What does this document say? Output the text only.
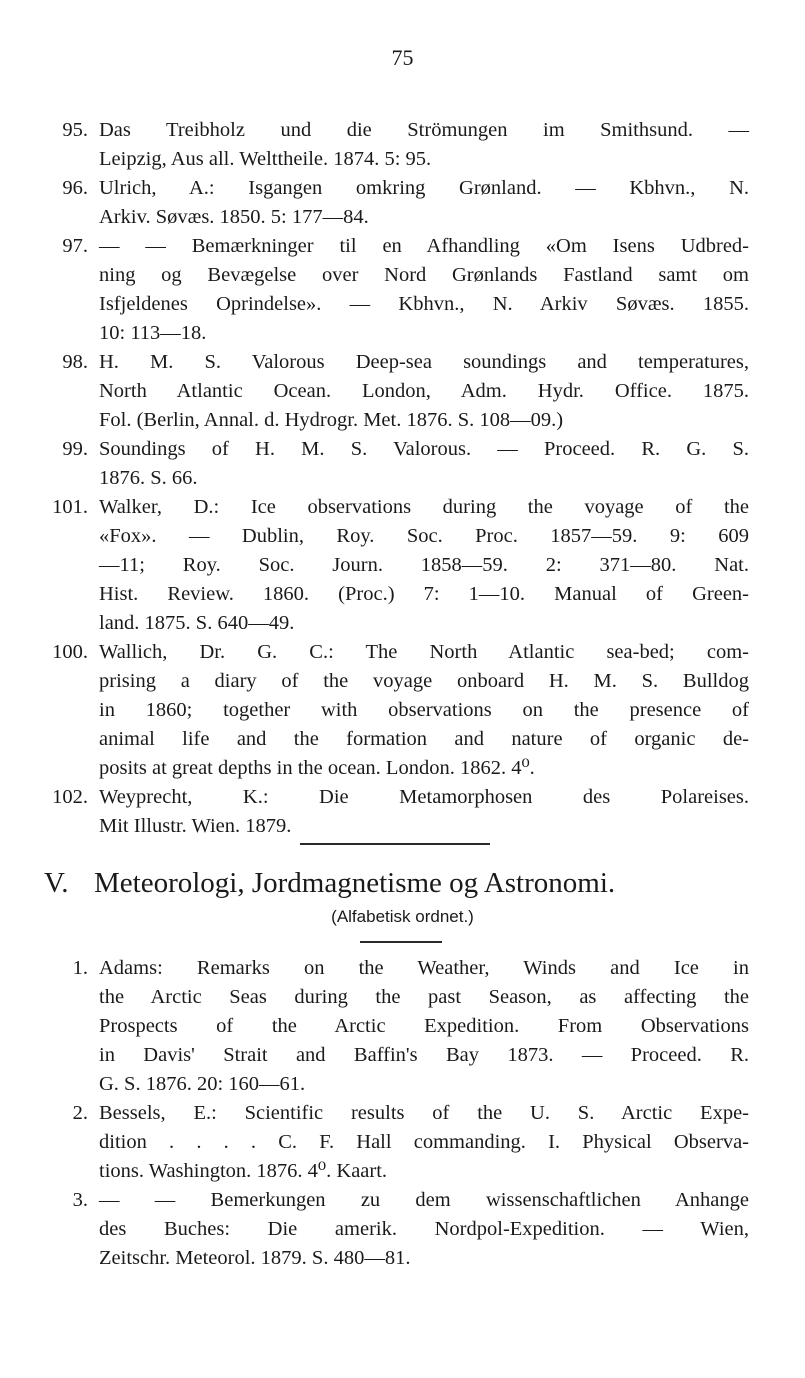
75
95. Das Treibholz und die Strömungen im Smithsund. —
Leipzig, Aus all. Welttheile. 1874. 5: 95.
96. Ulrich, A.: Isgangen omkring Grønland. — Kbhvn., N.
Arkiv. Søvæs. 1850. 5: 177—84.
97. — — Bemærkninger til en Afhandling «Om Isens Udbred-
ning og Bevægelse over Nord Grønlands Fastland samt om
Isfjeldenes Oprindelse». — Kbhvn., N. Arkiv Søvæs. 1855.
10: 113—18.
98. H. M. S. Valorous Deep-sea soundings and temperatures,
North Atlantic Ocean. London, Adm. Hydr. Office. 1875.
Fol. (Berlin, Annal. d. Hydrogr. Met. 1876. S. 108—09.)
99. Soundings of H. M. S. Valorous. — Proceed. R. G. S.
1876. S. 66.
101. Walker, D.: Ice observations during the voyage of the
«Fox». — Dublin, Roy. Soc. Proc. 1857—59. 9: 609
—11; Roy. Soc. Journ. 1858—59. 2: 371—80. Nat.
Hist. Review. 1860. (Proc.) 7: 1—10. Manual of Green-
land. 1875. S. 640—49.
100. Wallich, Dr. G. C.: The North Atlantic sea-bed; com-
prising a diary of the voyage onboard H. M. S. Bulldog
in 1860; together with observations on the presence of
animal life and the formation and nature of organic de-
posits at great depths in the ocean. London. 1862. 4⁰.
102. Weyprecht, K.: Die Metamorphosen des Polareises.
Mit Illustr. Wien. 1879.
V. Meteorologi, Jordmagnetisme og Astronomi.
(Alfabetisk ordnet.)
1. Adams: Remarks on the Weather, Winds and Ice in
the Arctic Seas during the past Season, as affecting the
Prospects of the Arctic Expedition. From Observations
in Davis' Strait and Baffin's Bay 1873. — Proceed. R.
G. S. 1876. 20: 160—61.
2. Bessels, E.: Scientific results of the U. S. Arctic Expe-
dition . . . . C. F. Hall commanding. I. Physical Observa-
tions. Washington. 1876. 4⁰. Kaart.
3. — — Bemerkungen zu dem wissenschaftlichen Anhange
des Buches: Die amerik. Nordpol-Expedition. — Wien,
Zeitschr. Meteorol. 1879. S. 480—81.
